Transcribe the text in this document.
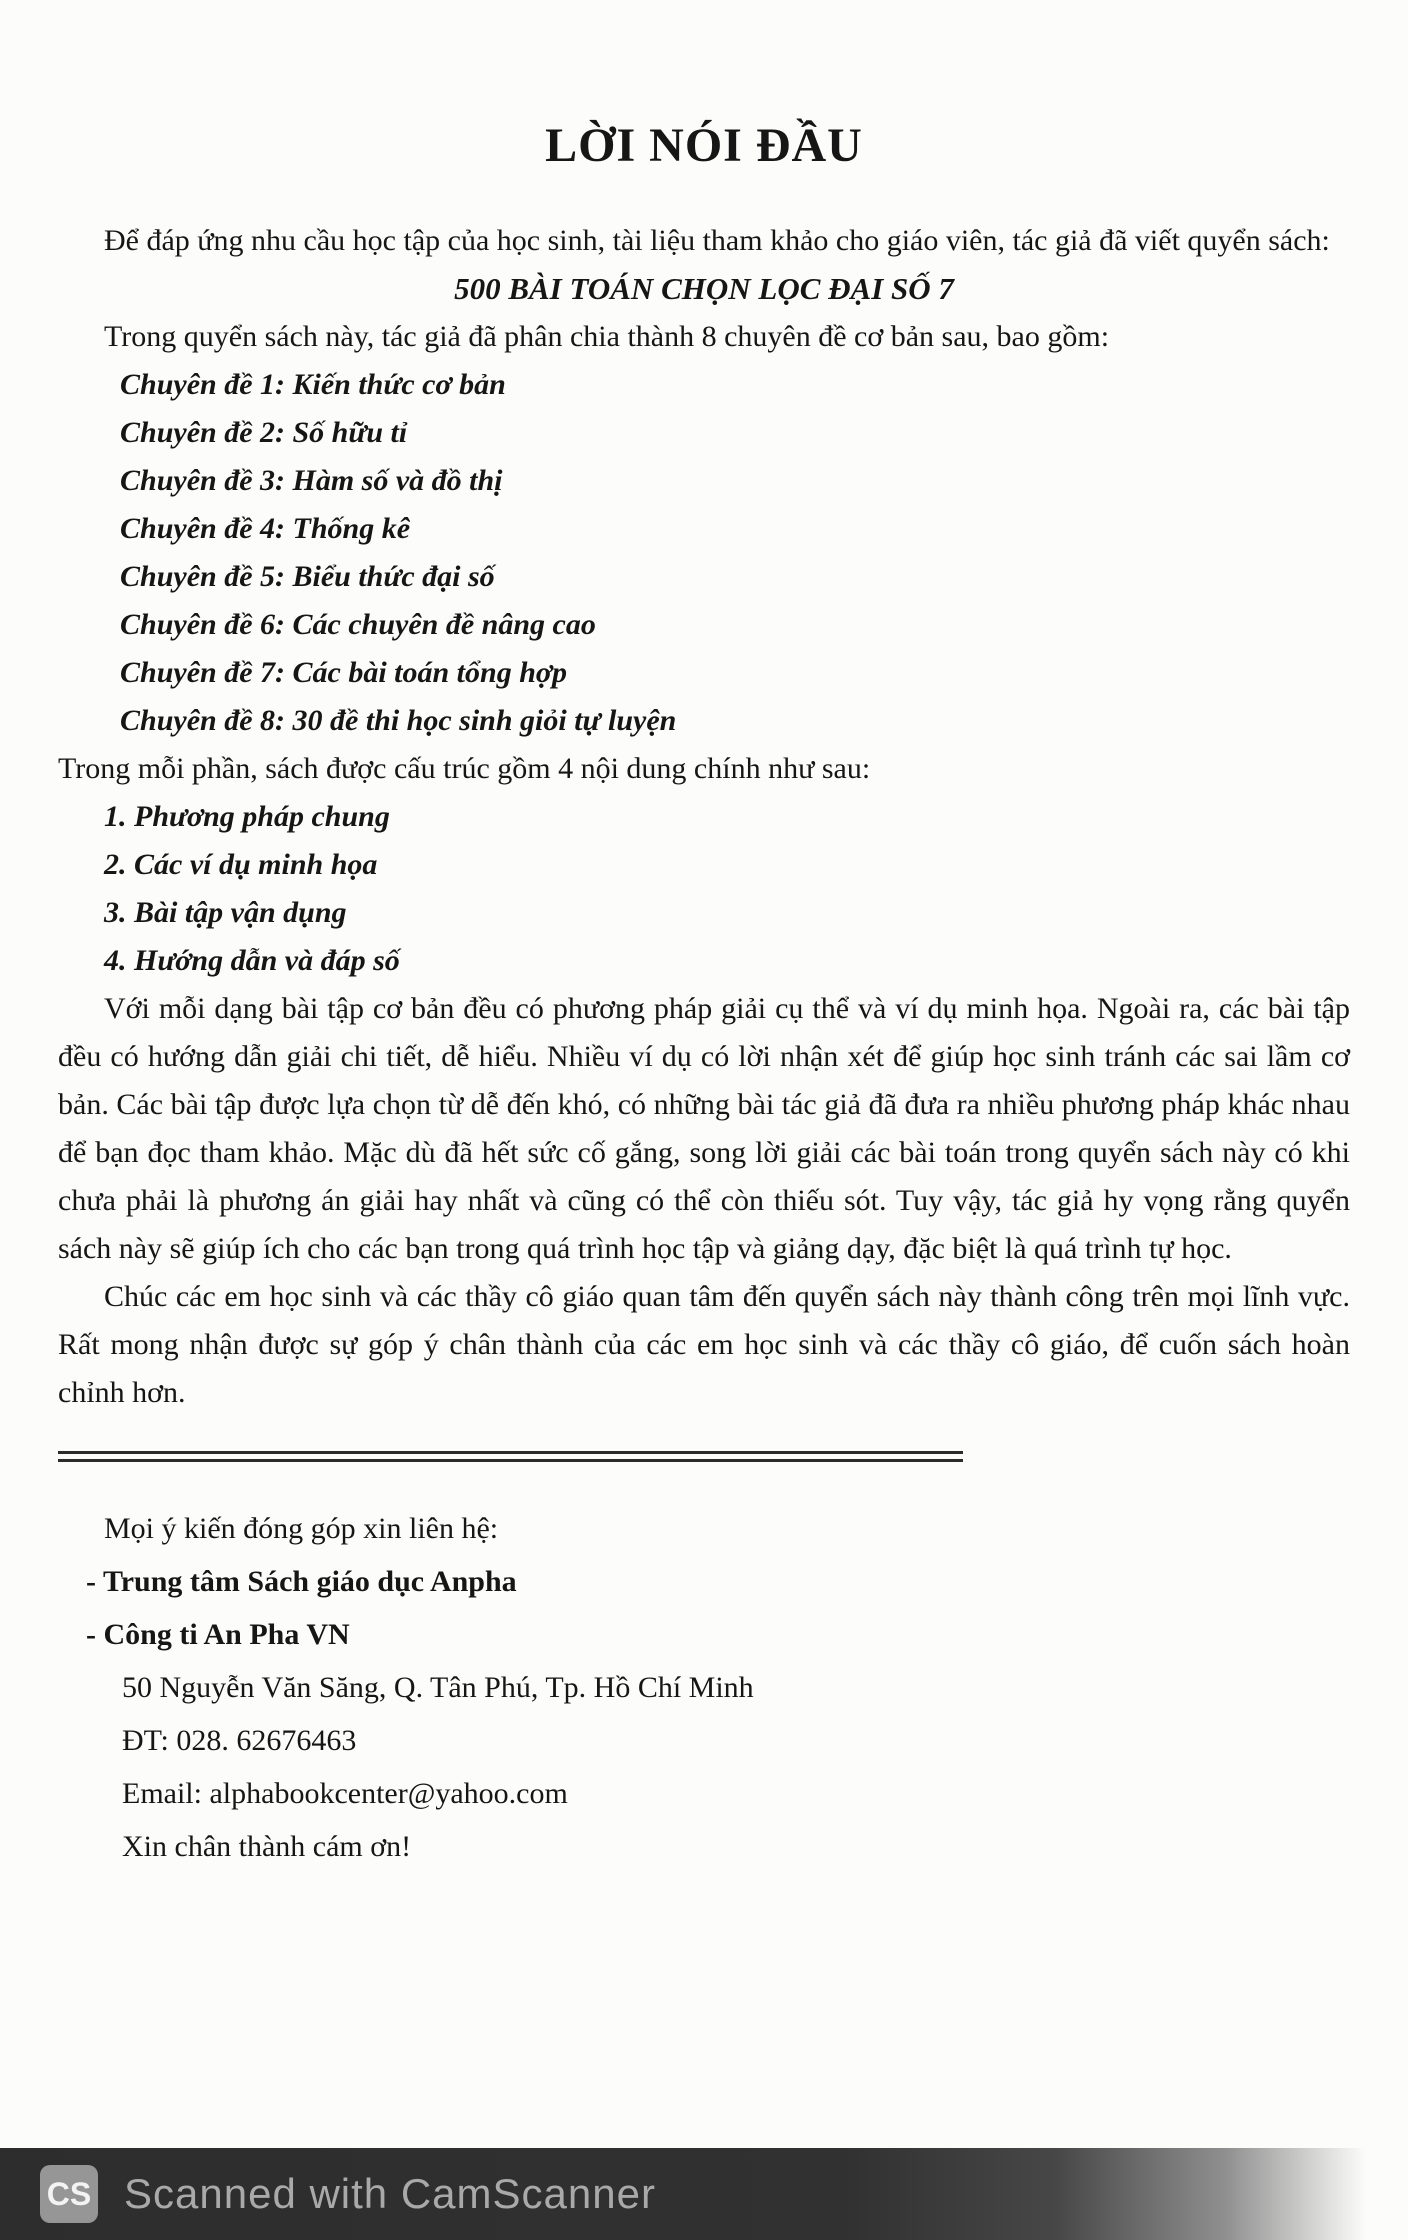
LỜI NÓI ĐẦU

Để đáp ứng nhu cầu học tập của học sinh, tài liệu tham khảo cho giáo viên, tác giả đã viết quyển sách:

500 BÀI TOÁN CHỌN LỌC ĐẠI SỐ 7

Trong quyển sách này, tác giả đã phân chia thành 8 chuyên đề cơ bản sau, bao gồm:

Chuyên đề 1: Kiến thức cơ bản

Chuyên đề 2: Số hữu tỉ

Chuyên đề 3: Hàm số và đồ thị

Chuyên đề 4: Thống kê

Chuyên đề 5: Biểu thức đại số

Chuyên đề 6: Các chuyên đề nâng cao

Chuyên đề 7: Các bài toán tổng hợp

Chuyên đề 8: 30 đề thi học sinh giỏi tự luyện

Trong mỗi phần, sách được cấu trúc gồm 4 nội dung chính như sau:

1. Phương pháp chung

2. Các ví dụ minh họa

3. Bài tập vận dụng

4. Hướng dẫn và đáp số

Với mỗi dạng bài tập cơ bản đều có phương pháp giải cụ thể và ví dụ minh họa. Ngoài ra, các bài tập đều có hướng dẫn giải chi tiết, dễ hiểu. Nhiều ví dụ có lời nhận xét để giúp học sinh tránh các sai lầm cơ bản. Các bài tập được lựa chọn từ dễ đến khó, có những bài tác giả đã đưa ra nhiều phương pháp khác nhau để bạn đọc tham khảo. Mặc dù đã hết sức cố gắng, song lời giải các bài toán trong quyển sách này có khi chưa phải là phương án giải hay nhất và cũng có thể còn thiếu sót. Tuy vậy, tác giả hy vọng rằng quyển sách này sẽ giúp ích cho các bạn trong quá trình học tập và giảng dạy, đặc biệt là quá trình tự học.

Chúc các em học sinh và các thầy cô giáo quan tâm đến quyển sách này thành công trên mọi lĩnh vực. Rất mong nhận được sự góp ý chân thành của các em học sinh và các thầy cô giáo, để cuốn sách hoàn chỉnh hơn.

Mọi ý kiến đóng góp xin liên hệ:

- Trung tâm Sách giáo dục Anpha

- Công ti An Pha VN

50 Nguyễn Văn Săng, Q. Tân Phú, Tp. Hồ Chí Minh

ĐT: 028. 62676463

Email: alphabookcenter@yahoo.com

Xin chân thành cám ơn!

CS Scanned with CamScanner
